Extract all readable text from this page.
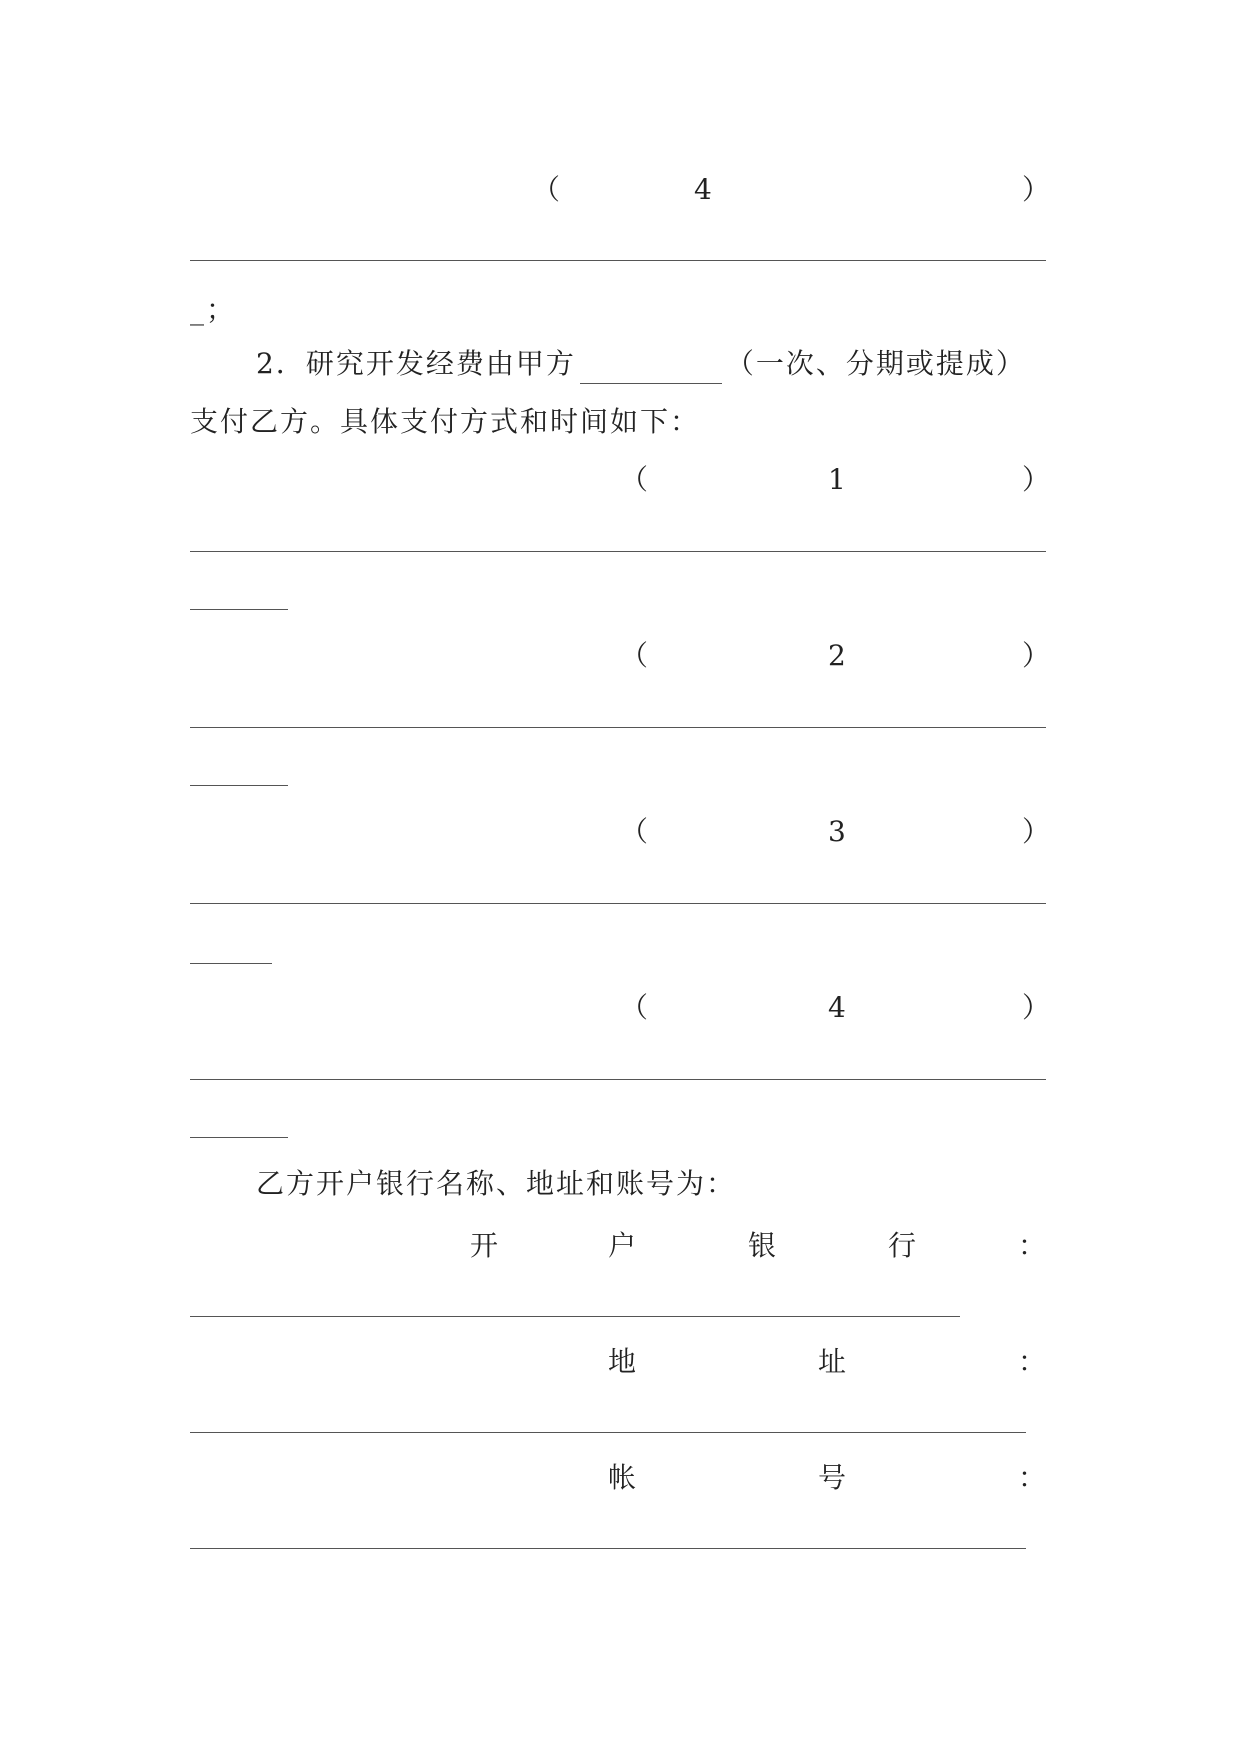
（	4	）
_；
2．研究开发经费由甲方	（一次、分期或提成）
支付乙方。具体支付方式和时间如下：
（	1	）
（	2	）
（	3	）
（	4	）
乙方开户银行名称、地址和账号为：
开	户	银	行	：
地	址	：
帐	号	：
